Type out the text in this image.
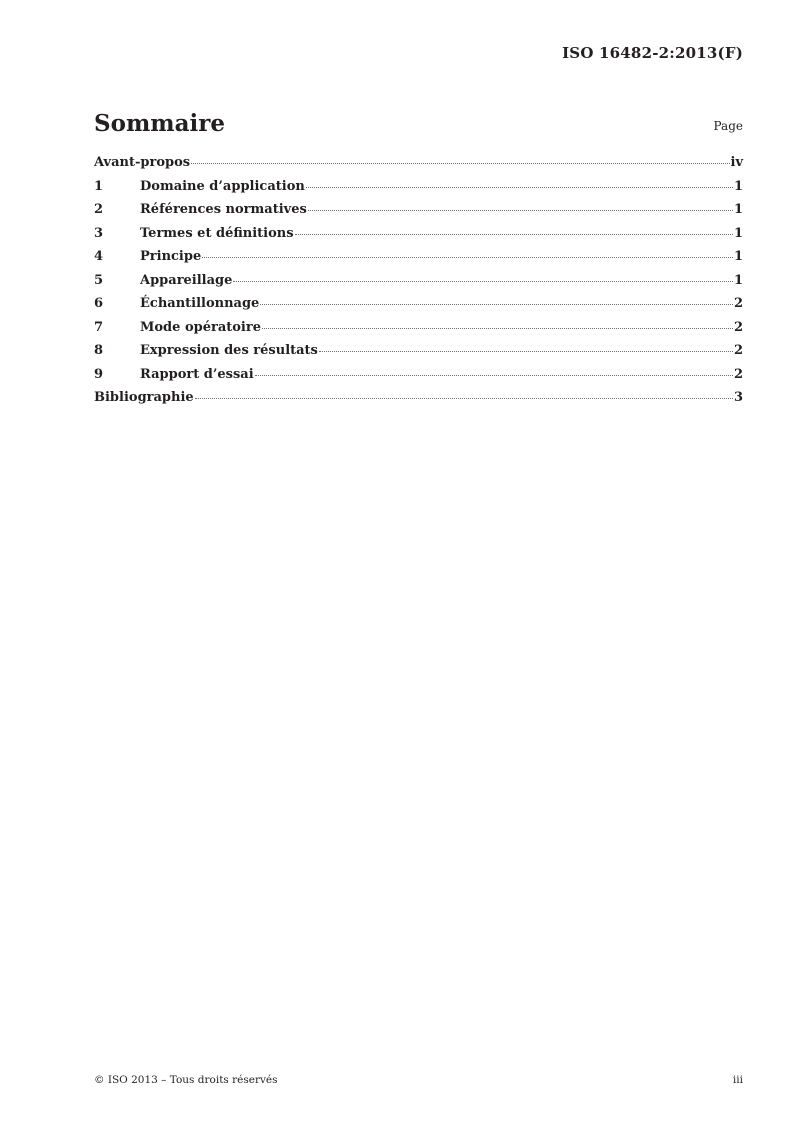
ISO 16482-2:2013(F)
Sommaire	Page
Avant-propos	iv
1	Domaine d’application	1
2	Références normatives	1
3	Termes et définitions	1
4	Principe	1
5	Appareillage	1
6	Échantillonnage	2
7	Mode opératoire	2
8	Expression des résultats	2
9	Rapport d’essai	2
Bibliographie	3
© ISO 2013 – Tous droits réservés	iii
